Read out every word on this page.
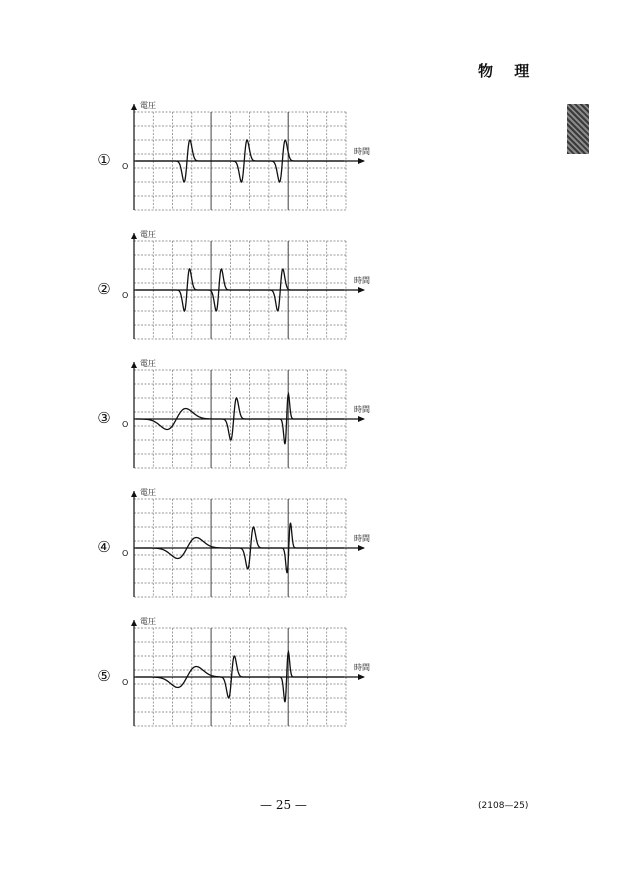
物 理
①
電圧
時間
O
②
電圧
時間
O
③
電圧
時間
O
④
電圧
時間
O
⑤
電圧
時間
O
— 25 —	(2108—25)
